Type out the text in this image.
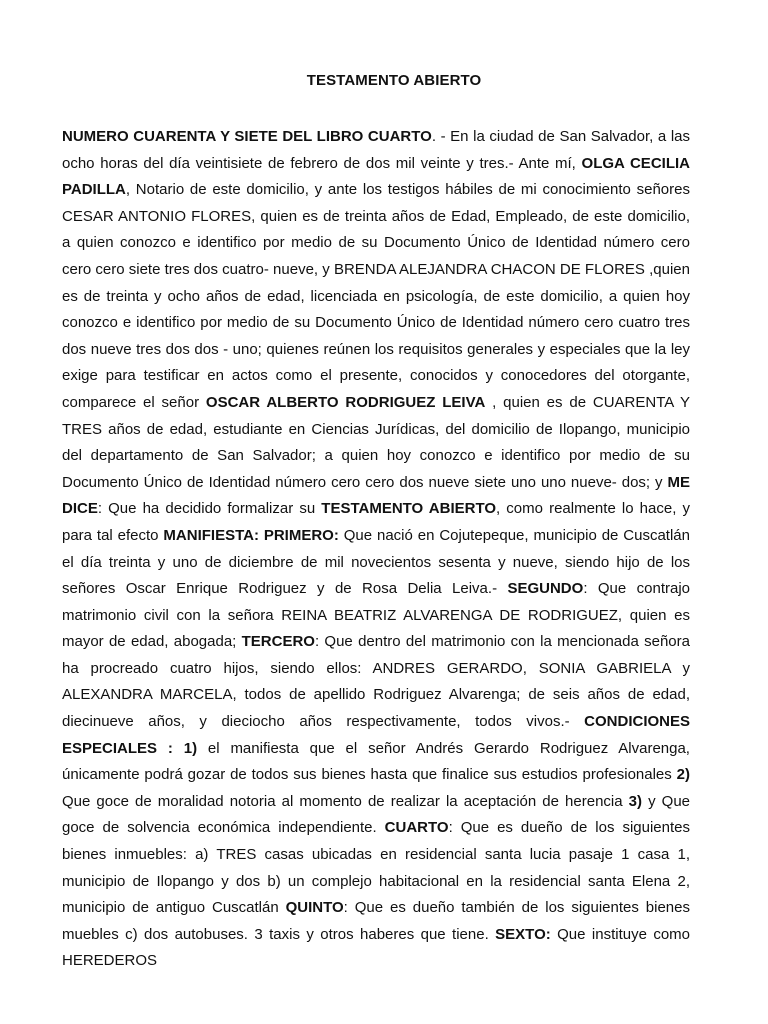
TESTAMENTO ABIERTO

NUMERO CUARENTA Y SIETE DEL LIBRO CUARTO. - En la ciudad de San Salvador, a las ocho horas del día veintisiete de febrero de dos mil veinte y tres.- Ante mí, OLGA CECILIA PADILLA, Notario de este domicilio, y ante los testigos hábiles de mi conocimiento señores CESAR ANTONIO FLORES, quien es de treinta años de Edad, Empleado, de este domicilio, a quien conozco e identifico por medio de su Documento Único de Identidad número cero cero cero siete tres dos cuatro- nueve, y BRENDA ALEJANDRA CHACON DE FLORES ,quien es de treinta y ocho años de edad, licenciada en psicología, de este domicilio, a quien hoy conozco e identifico por medio de su Documento Único de Identidad número cero cuatro tres dos nueve tres dos dos - uno; quienes reúnen los requisitos generales y especiales que la ley exige para testificar en actos como el presente, conocidos y conocedores del otorgante, comparece el señor OSCAR ALBERTO RODRIGUEZ LEIVA , quien es de CUARENTA Y TRES años de edad, estudiante en Ciencias Jurídicas, del domicilio de Ilopango, municipio del departamento de San Salvador; a quien hoy conozco e identifico por medio de su Documento Único de Identidad número cero cero dos nueve siete uno uno nueve- dos; y ME DICE: Que ha decidido formalizar su TESTAMENTO ABIERTO, como realmente lo hace, y para tal efecto MANIFIESTA: PRIMERO: Que nació en Cojutepeque, municipio de Cuscatlán el día treinta y uno de diciembre de mil novecientos sesenta y nueve, siendo hijo de los señores Oscar Enrique Rodriguez y de Rosa Delia Leiva.- SEGUNDO: Que contrajo matrimonio civil con la señora REINA BEATRIZ ALVARENGA DE RODRIGUEZ, quien es mayor de edad, abogada; TERCERO: Que dentro del matrimonio con la mencionada señora ha procreado cuatro hijos, siendo ellos: ANDRES GERARDO, SONIA GABRIELA y ALEXANDRA MARCELA, todos de apellido Rodriguez Alvarenga; de seis años de edad, diecinueve años, y dieciocho años respectivamente, todos vivos.- CONDICIONES ESPECIALES : 1) el manifiesta que el señor Andrés Gerardo Rodriguez Alvarenga, únicamente podrá gozar de todos sus bienes hasta que finalice sus estudios profesionales 2) Que goce de moralidad notoria al momento de realizar la aceptación de herencia 3) y Que goce de solvencia económica independiente. CUARTO: Que es dueño de los siguientes bienes inmuebles: a) TRES casas ubicadas en residencial santa lucia pasaje 1 casa 1, municipio de Ilopango y dos b) un complejo habitacional en la residencial santa Elena 2, municipio de antiguo Cuscatlán QUINTO: Que es dueño también de los siguientes bienes muebles c) dos autobuses. 3 taxis y otros haberes que tiene. SEXTO: Que instituye como HEREDEROS
